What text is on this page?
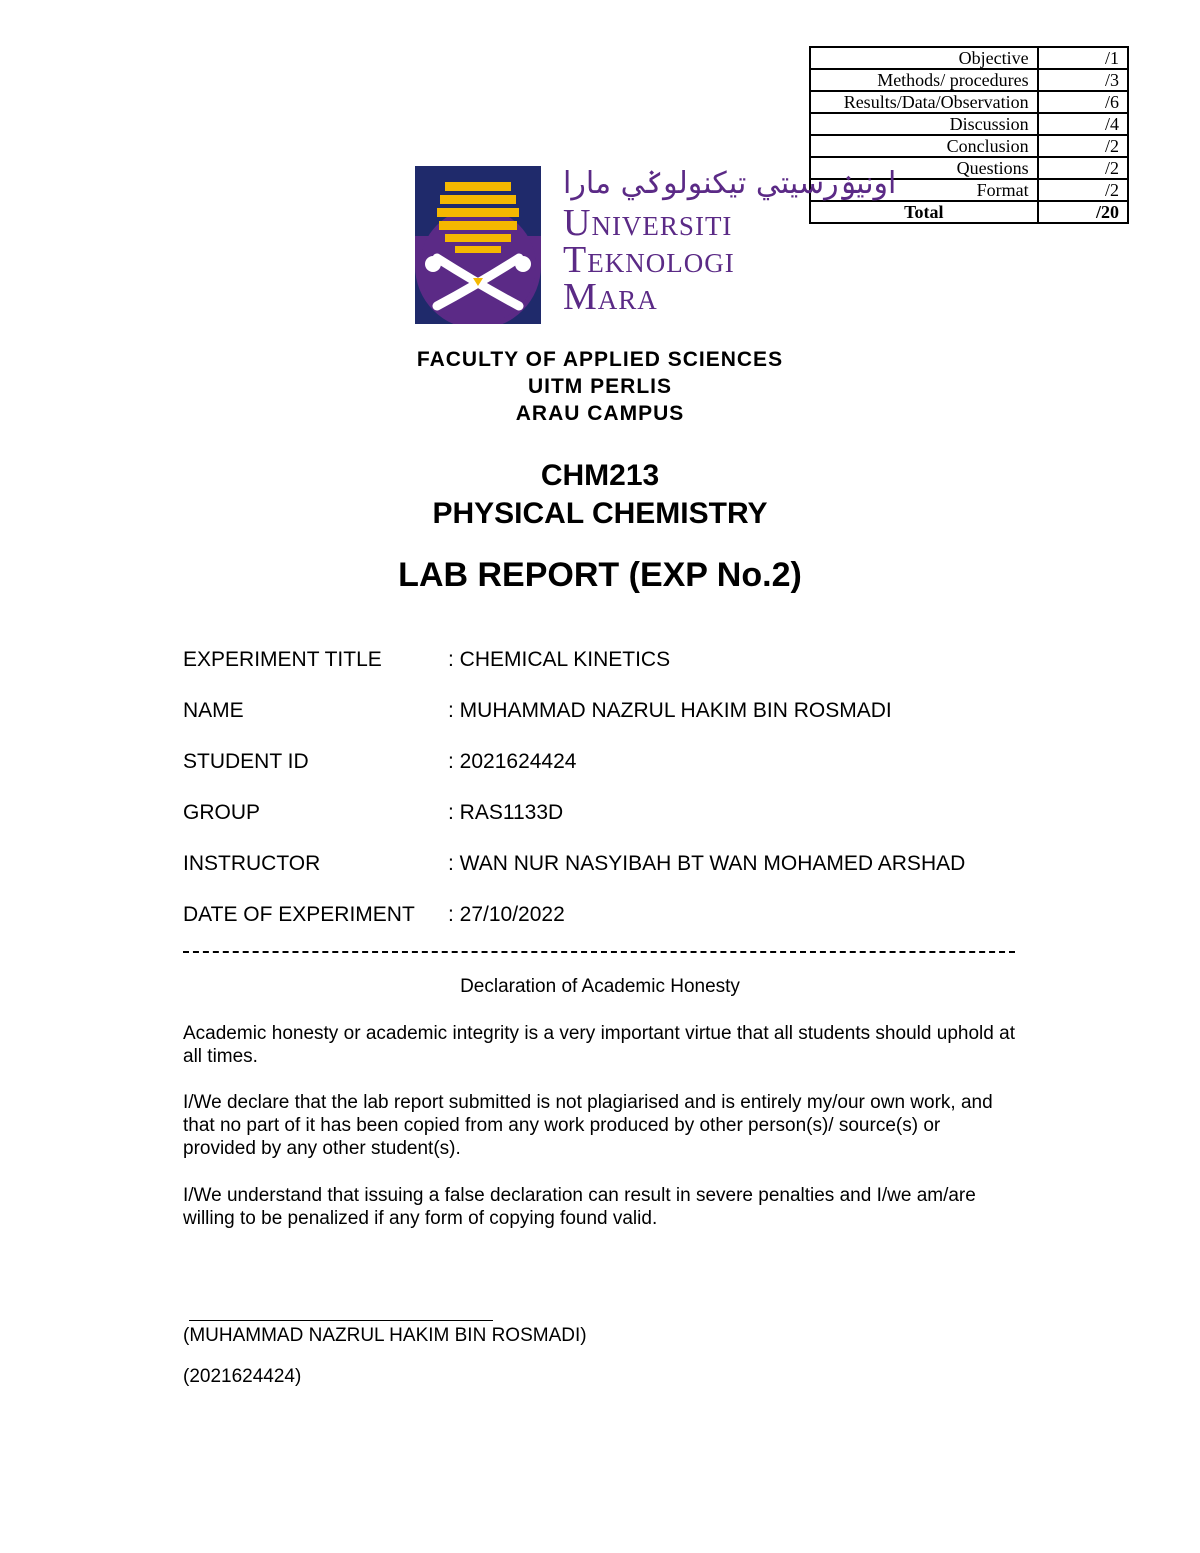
Objective	/1
Methods/ procedures	/3
Results/Data/Observation	/6
Discussion	/4
Conclusion	/2
Questions	/2
Format	/2
Total	/20
اونيۏرسيتي تيکنولوݢي مارا
Universiti
Teknologi
Mara
FACULTY OF APPLIED SCIENCES
UITM PERLIS
ARAU CAMPUS
CHM213
PHYSICAL CHEMISTRY
LAB REPORT (EXP No.2)
EXPERIMENT TITLE	: CHEMICAL KINETICS
NAME	: MUHAMMAD NAZRUL HAKIM BIN ROSMADI
STUDENT ID	: 2021624424
GROUP	: RAS1133D
INSTRUCTOR	: WAN NUR NASYIBAH BT WAN MOHAMED ARSHAD
DATE OF EXPERIMENT	: 27/10/2022
Declaration of Academic Honesty
Academic honesty or academic integrity is a very important virtue that all students should uphold at all times.
I/We declare that the lab report submitted is not plagiarised and is entirely my/our own work, and that no part of it has been copied from any work produced by other person(s)/ source(s) or provided by any other student(s).
I/We understand that issuing a false declaration can result in severe penalties and I/we am/are willing to be penalized if any form of copying found valid.
(MUHAMMAD NAZRUL HAKIM BIN ROSMADI)
(2021624424)
